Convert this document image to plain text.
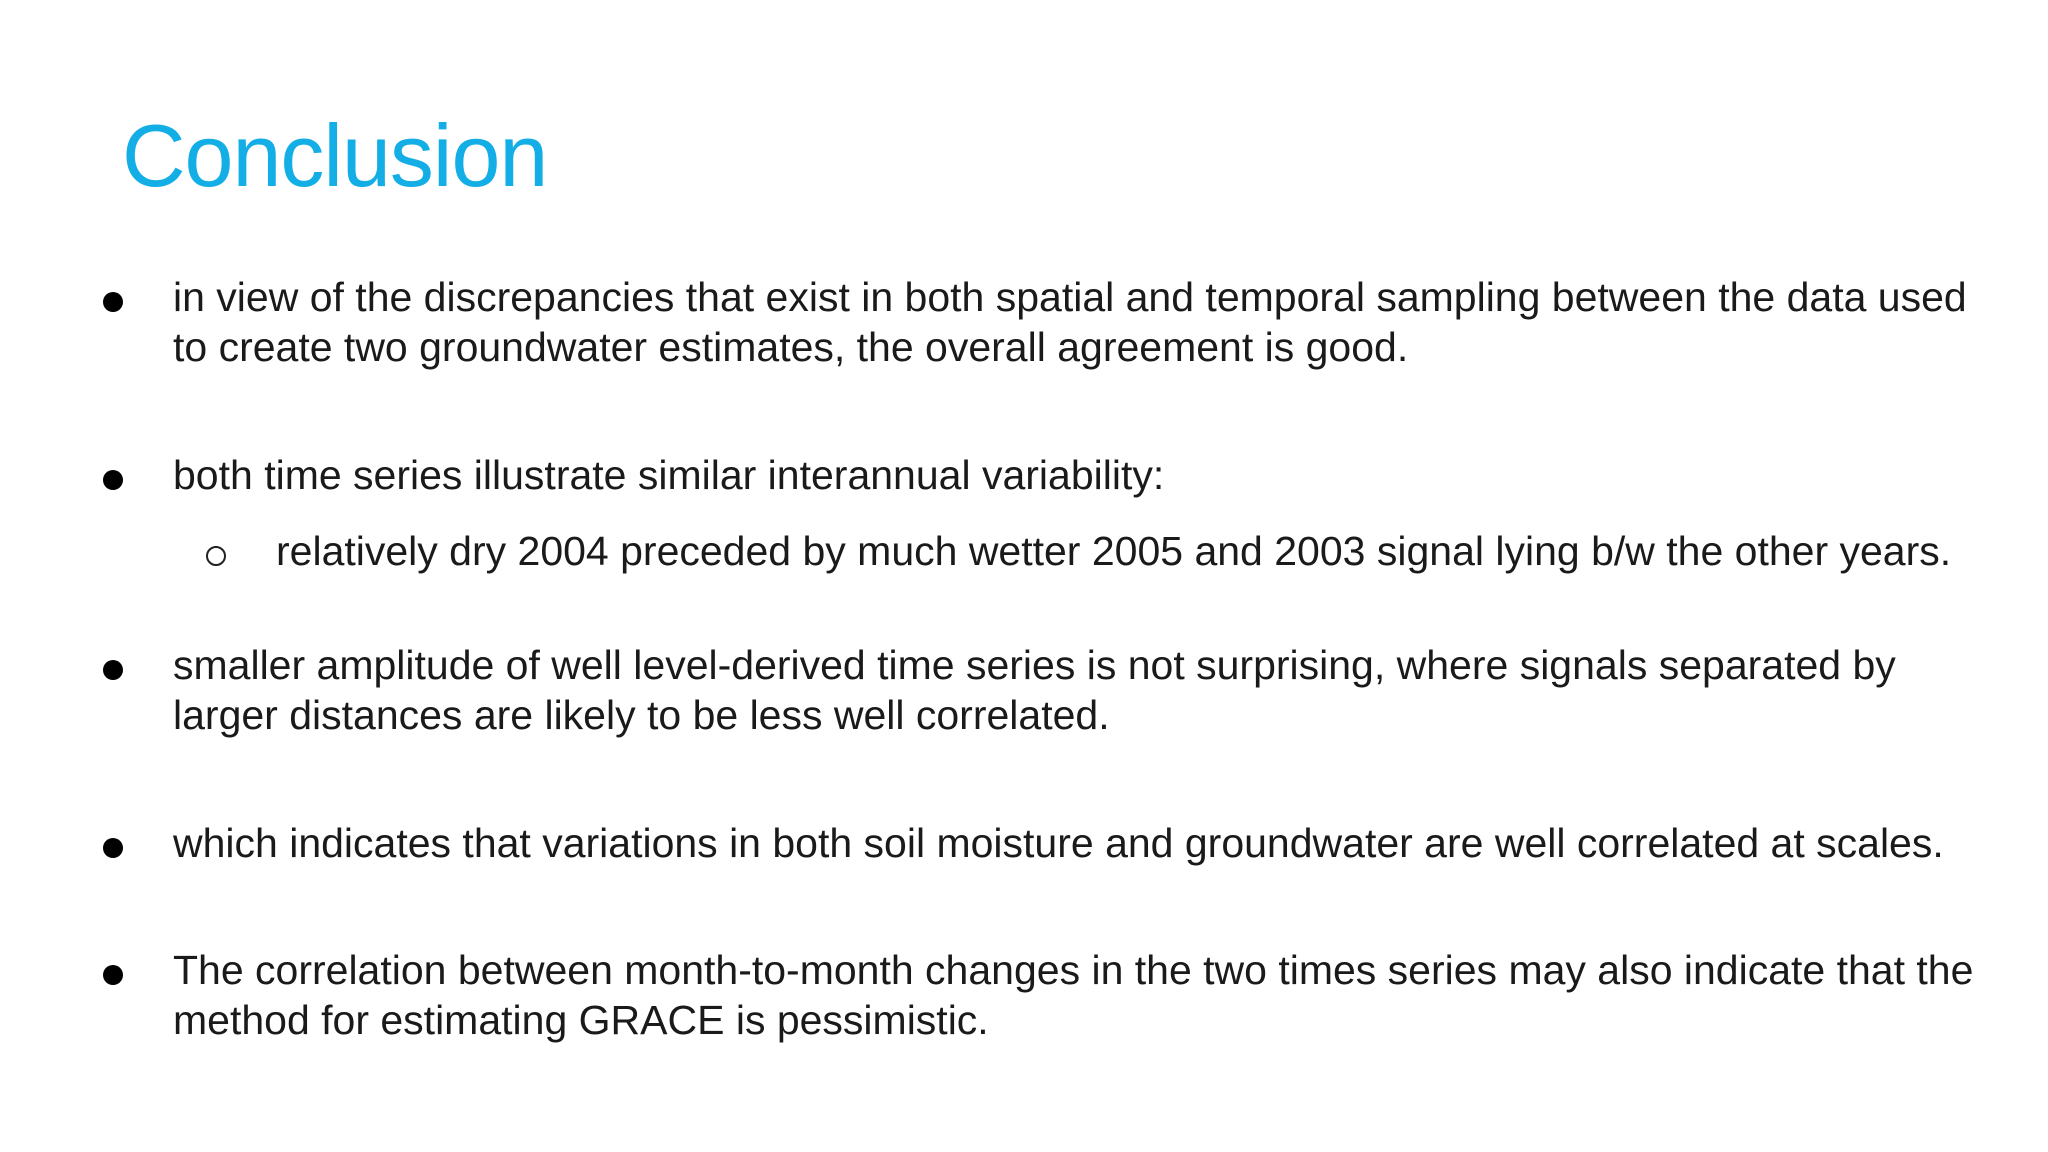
Conclusion
in view of the discrepancies that exist in both spatial and temporal sampling between the data used to create two groundwater estimates, the overall agreement is good.
both time series illustrate similar interannual variability:
relatively dry 2004 preceded by much wetter 2005 and 2003 signal lying b/w the other years.
smaller amplitude of well level-derived time series is not surprising, where signals separated by larger distances are likely to be less well correlated.
which indicates that variations in both soil moisture and groundwater are well correlated at scales.
The correlation between month-to-month changes in the two times series may also indicate that the method for estimating GRACE is pessimistic.
